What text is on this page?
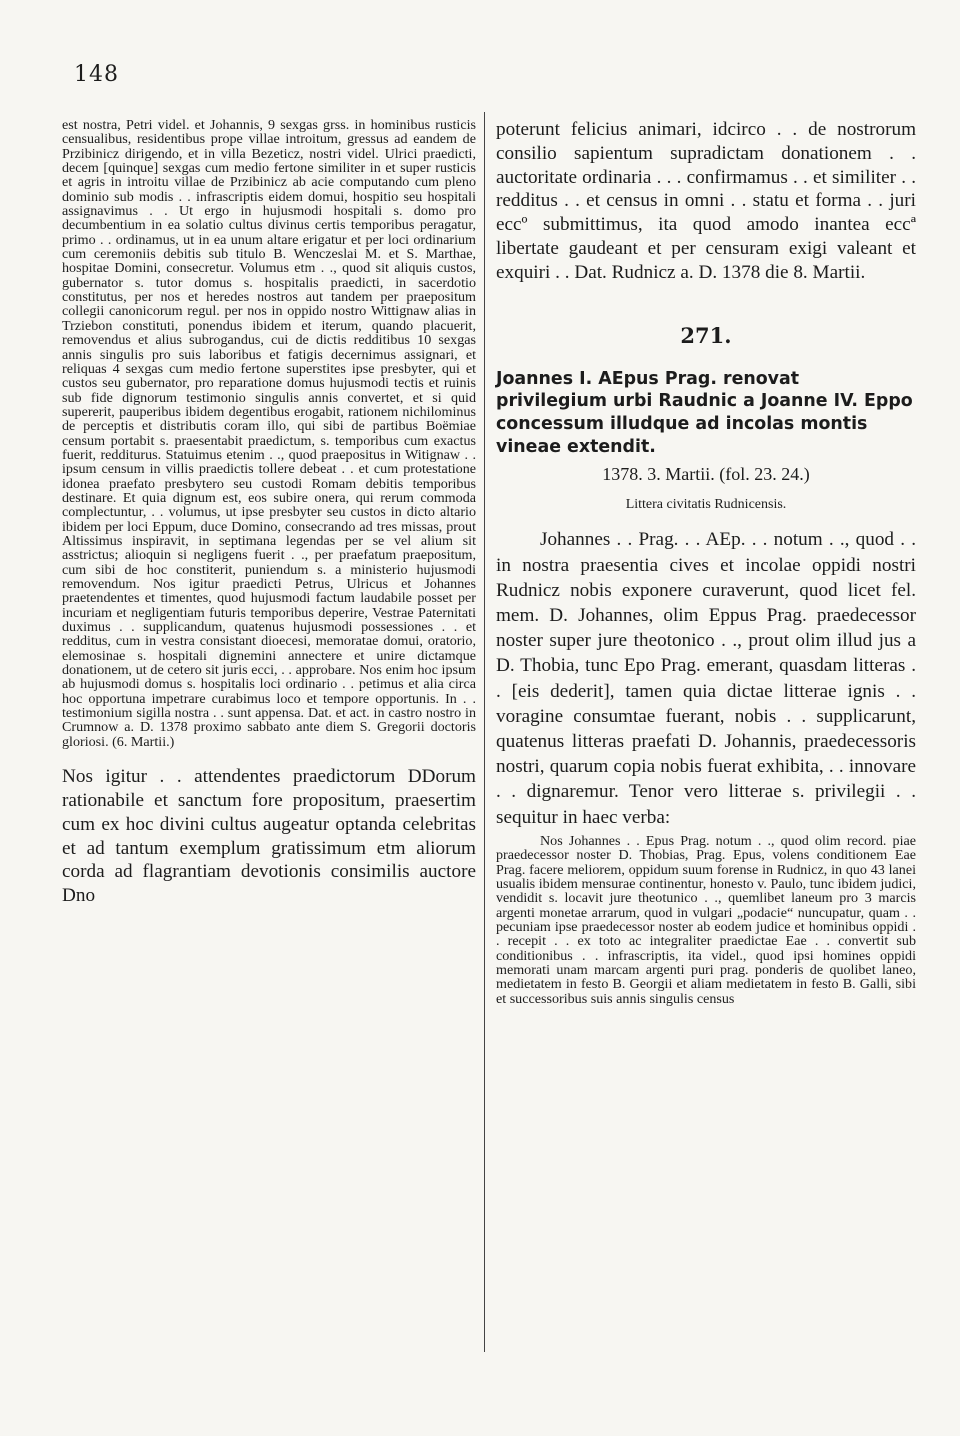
148

est nostra, Petri videl. et Johannis, 9 sexgas grss. in hominibus rusticis censualibus, residentibus prope villae introitum, gressus ad eandem de Przibinicz dirigendo, et in villa Bezeticz, nostri videl. Ulrici praedicti, decem [quinque] sexgas cum medio fertone similiter in et super rusticis et agris in introitu villae de Przibinicz ab acie computando cum pleno dominio sub modis . . infrascriptis eidem domui, hospitio seu hospitali assignavimus . . Ut ergo in hujusmodi hospitali s. domo pro decumbentium in ea solatio cultus divinus certis temporibus peragatur, primo . . ordinamus, ut in ea unum altare erigatur et per loci ordinarium cum ceremoniis debitis sub titulo B. Wenczeslai M. et S. Marthae, hospitae Domini, consecretur. Volumus etm . ., quod sit aliquis custos, gubernator s. tutor domus s. hospitalis praedicti, in sacerdotio constitutus, per nos et heredes nostros aut tandem per praepositum collegii canonicorum regul. per nos in oppido nostro Wittignaw alias in Trziebon constituti, ponendus ibidem et iterum, quando placuerit, removendus et alius subrogandus, cui de dictis redditibus 10 sexgas annis singulis pro suis laboribus et fatigis decernimus assignari, et reliquas 4 sexgas cum medio fertone superstites ipse presbyter, qui et custos seu gubernator, pro reparatione domus hujusmodi tectis et ruinis sub fide dignorum testimonio singulis annis convertet, et si quid supererit, pauperibus ibidem degentibus erogabit, rationem nichilominus de perceptis et distributis coram illo, qui sibi de partibus Boëmiae censum portabit s. praesentabit praedictum, s. temporibus cum exactus fuerit, redditurus. Statuimus etenim . ., quod praepositus in Witignaw . . ipsum censum in villis praedictis tollere debeat . . et cum protestatione idonea praefato presbytero seu custodi Romam debitis temporibus destinare. Et quia dignum est, eos subire onera, qui rerum commoda complectuntur, . . volumus, ut ipse presbyter seu custos in dicto altario ibidem per loci Eppum, duce Domino, consecrando ad tres missas, prout Altissimus inspiravit, in septimana legendas per se vel alium sit asstrictus; alioquin si negligens fuerit . ., per praefatum praepositum, cum sibi de hoc constiterit, puniendum s. a ministerio hujusmodi removendum. Nos igitur praedicti Petrus, Ulricus et Johannes praetendentes et timentes, quod hujusmodi factum laudabile posset per incuriam et negligentiam futuris temporibus deperire, Vestrae Paternitati duximus . . supplicandum, quatenus hujusmodi possessiones . . et redditus, cum in vestra consistant dioecesi, memoratae domui, oratorio, elemosinae s. hospitali dignemini annectere et unire dictamque donationem, ut de cetero sit juris ecci, . . approbare. Nos enim hoc ipsum ab hujusmodi domus s. hospitalis loci ordinario . . petimus et alia circa hoc opportuna impetrare curabimus loco et tempore opportunis. In . . testimonium sigilla nostra . . sunt appensa. Dat. et act. in castro nostro in Crumnow a. D. 1378 proximo sabbato ante diem S. Gregorii doctoris gloriosi. (6. Martii.)

Nos igitur . . attendentes praedictorum DDorum rationabile et sanctum fore propositum, praesertim cum ex hoc divini cultus augeatur optanda celebritas et ad tantum exemplum gratissimum etm aliorum corda ad flagrantiam devotionis consimilis auctore Dno

poterunt felicius animari, idcirco . . de nostrorum consilio sapientum supradictam donationem . . auctoritate ordinaria . . . confirmamus . . et similiter . . redditus . . et census in omni . . statu et forma . . juri eccº submittimus, ita quod amodo inantea eccª libertate gaudeant et per censuram exigi valeant et exquiri . . Dat. Rudnicz a. D. 1378 die 8. Martii.

271.

Joannes I. AEpus Prag. renovat privilegium urbi Raudnic a Joanne IV. Eppo concessum illudque ad incolas montis vineae extendit.

1378. 3. Martii. (fol. 23. 24.)
Littera civitatis Rudnicensis.

Johannes . . Prag. . . AEp. . . notum . ., quod . . in nostra praesentia cives et incolae oppidi nostri Rudnicz nobis exponere curaverunt, quod licet fel. mem. D. Johannes, olim Eppus Prag. praedecessor noster super jure theotonico . ., prout olim illud jus a D. Thobia, tunc Epo Prag. emerant, quasdam litteras . . [eis dederit], tamen quia dictae litterae ignis . . voragine consumtae fuerant, nobis . . supplicarunt, quatenus litteras praefati D. Johannis, praedecessoris nostri, quarum copia nobis fuerat exhibita, . . innovare . . dignaremur. Tenor vero litterae s. privilegii . . sequitur in haec verba:

Nos Johannes . . Epus Prag. notum . ., quod olim record. piae praedecessor noster D. Thobias, Prag. Epus, volens conditionem Eae Prag. facere meliorem, oppidum suum forense in Rudnicz, in quo 43 lanei usualis ibidem mensurae continentur, honesto v. Paulo, tunc ibidem judici, vendidit s. locavit jure theotunico . ., quemlibet laneum pro 3 marcis argenti monetae arrarum, quod in vulgari „podacie“ nuncupatur, quam . . pecuniam ipse praedecessor noster ab eodem judice et hominibus oppidi . . recepit . . ex toto ac integraliter praedictae Eae . . convertit sub conditionibus . . infrascriptis, ita videl., quod ipsi homines oppidi memorati unam marcam argenti puri prag. ponderis de quolibet laneo, medietatem in festo B. Georgii et aliam medietatem in festo B. Galli, sibi et successoribus suis annis singulis census
